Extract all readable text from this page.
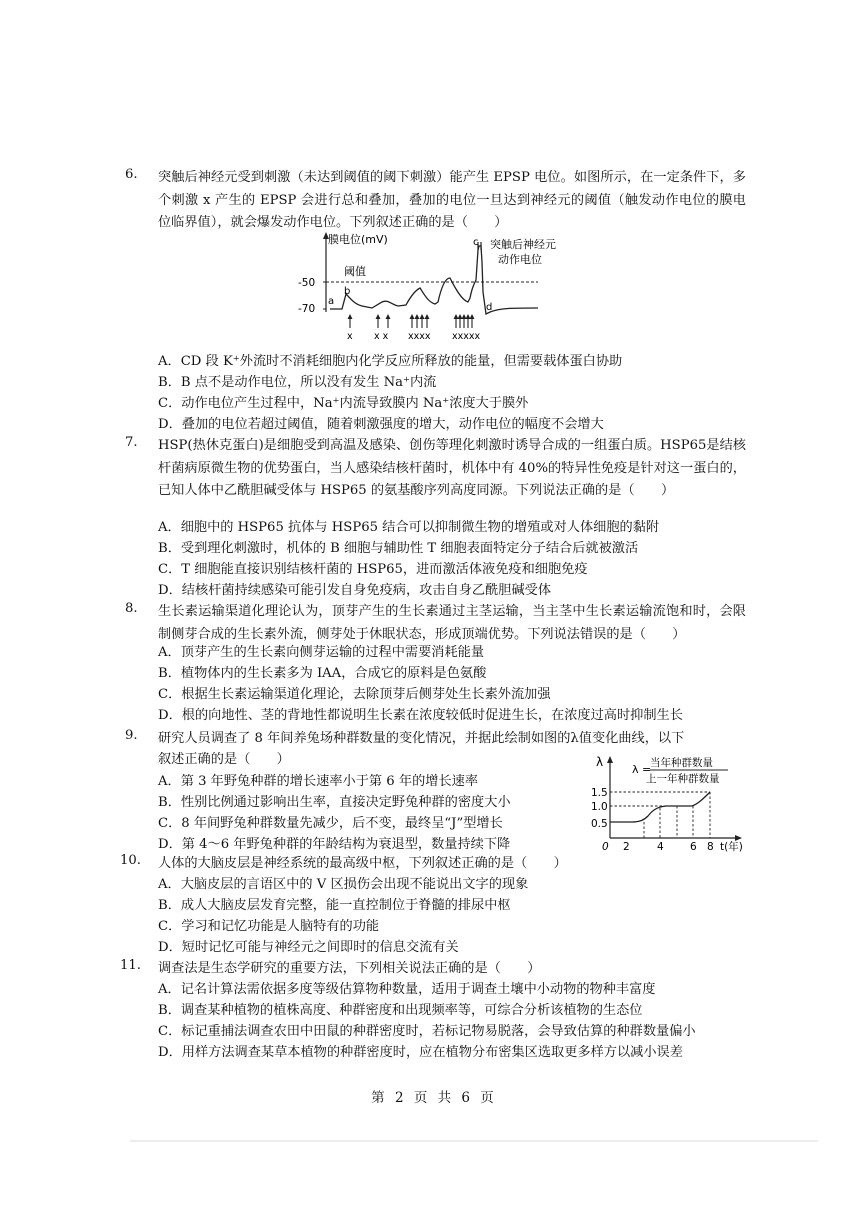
6. 突触后神经元受到刺激（未达到阈值的阈下刺激）能产生 EPSP 电位。如图所示，在一定条件下，多个刺激 x 产生的 EPSP 会进行总和叠加，叠加的电位一旦达到神经元的阈值（触发动作电位的膜电位临界值），就会爆发动作电位。下列叙述正确的是（　　）
膜电位(mV)
-50
阈值
-70
a
b
c
d
突触后神经元
动作电位
x x x xxxx xxxxx
A．CD 段 K⁺外流时不消耗细胞内化学反应所释放的能量，但需要载体蛋白协助
B．B 点不是动作电位，所以没有发生 Na⁺内流
C．动作电位产生过程中，Na⁺内流导致膜内 Na⁺浓度大于膜外
D．叠加的电位若超过阈值，随着刺激强度的增大，动作电位的幅度不会增大
7. HSP(热休克蛋白)是细胞受到高温及感染、创伤等理化刺激时诱导合成的一组蛋白质。HSP65是结核杆菌病原微生物的优势蛋白，当人感染结核杆菌时，机体中有 40%的特异性免疫是针对这一蛋白的，已知人体中乙酰胆碱受体与 HSP65 的氨基酸序列高度同源。下列说法正确的是（　　）
A．细胞中的 HSP65 抗体与 HSP65 结合可以抑制微生物的增殖或对人体细胞的黏附
B．受到理化刺激时，机体的 B 细胞与辅助性 T 细胞表面特定分子结合后就被激活
C．T 细胞能直接识别结核杆菌的 HSP65，进而激活体液免疫和细胞免疫
D．结核杆菌持续感染可能引发自身免疫病，攻击自身乙酰胆碱受体
8. 生长素运输渠道化理论认为，顶芽产生的生长素通过主茎运输，当主茎中生长素运输流饱和时，会限制侧芽合成的生长素外流，侧芽处于休眠状态，形成顶端优势。下列说法错误的是（　　）
A．顶芽产生的生长素向侧芽运输的过程中需要消耗能量
B．植物体内的生长素多为 IAA，合成它的原料是色氨酸
C．根据生长素运输渠道化理论，去除顶芽后侧芽处生长素外流加强
D．根的向地性、茎的背地性都说明生长素在浓度较低时促进生长，在浓度过高时抑制生长
9. 研究人员调查了 8 年间养兔场种群数量的变化情况，并据此绘制如图的λ值变化曲线，以下
叙述正确的是（　　）
A．第 3 年野兔种群的增长速率小于第 6 年的增长速率
B．性别比例通过影响出生率，直接决定野兔种群的密度大小
C．8 年间野兔种群数量先减少，后不变，最终呈“J”型增长
D．第 4～6 年野兔种群的年龄结构为衰退型，数量持续下降
λ
λ =
当年种群数量
上一年种群数量
1.5
1.0
0.5
0 2	4	6 8 t(年)
10. 人体的大脑皮层是神经系统的最高级中枢，下列叙述正确的是（　　）
A．大脑皮层的言语区中的 V 区损伤会出现不能说出文字的现象
B．成人大脑皮层发育完整，能一直控制位于脊髓的排尿中枢
C．学习和记忆功能是人脑特有的功能
D．短时记忆可能与神经元之间即时的信息交流有关
11. 调查法是生态学研究的重要方法，下列相关说法正确的是（　　）
A．记名计算法需依据多度等级估算物种数量，适用于调查土壤中小动物的物种丰富度
B．调查某种植物的植株高度、种群密度和出现频率等，可综合分析该植物的生态位
C．标记重捕法调查农田中田鼠的种群密度时，若标记物易脱落，会导致估算的种群数量偏小
D．用样方法调查某草本植物的种群密度时，应在植物分布密集区选取更多样方以减小误差
第 2 页 共 6 页
